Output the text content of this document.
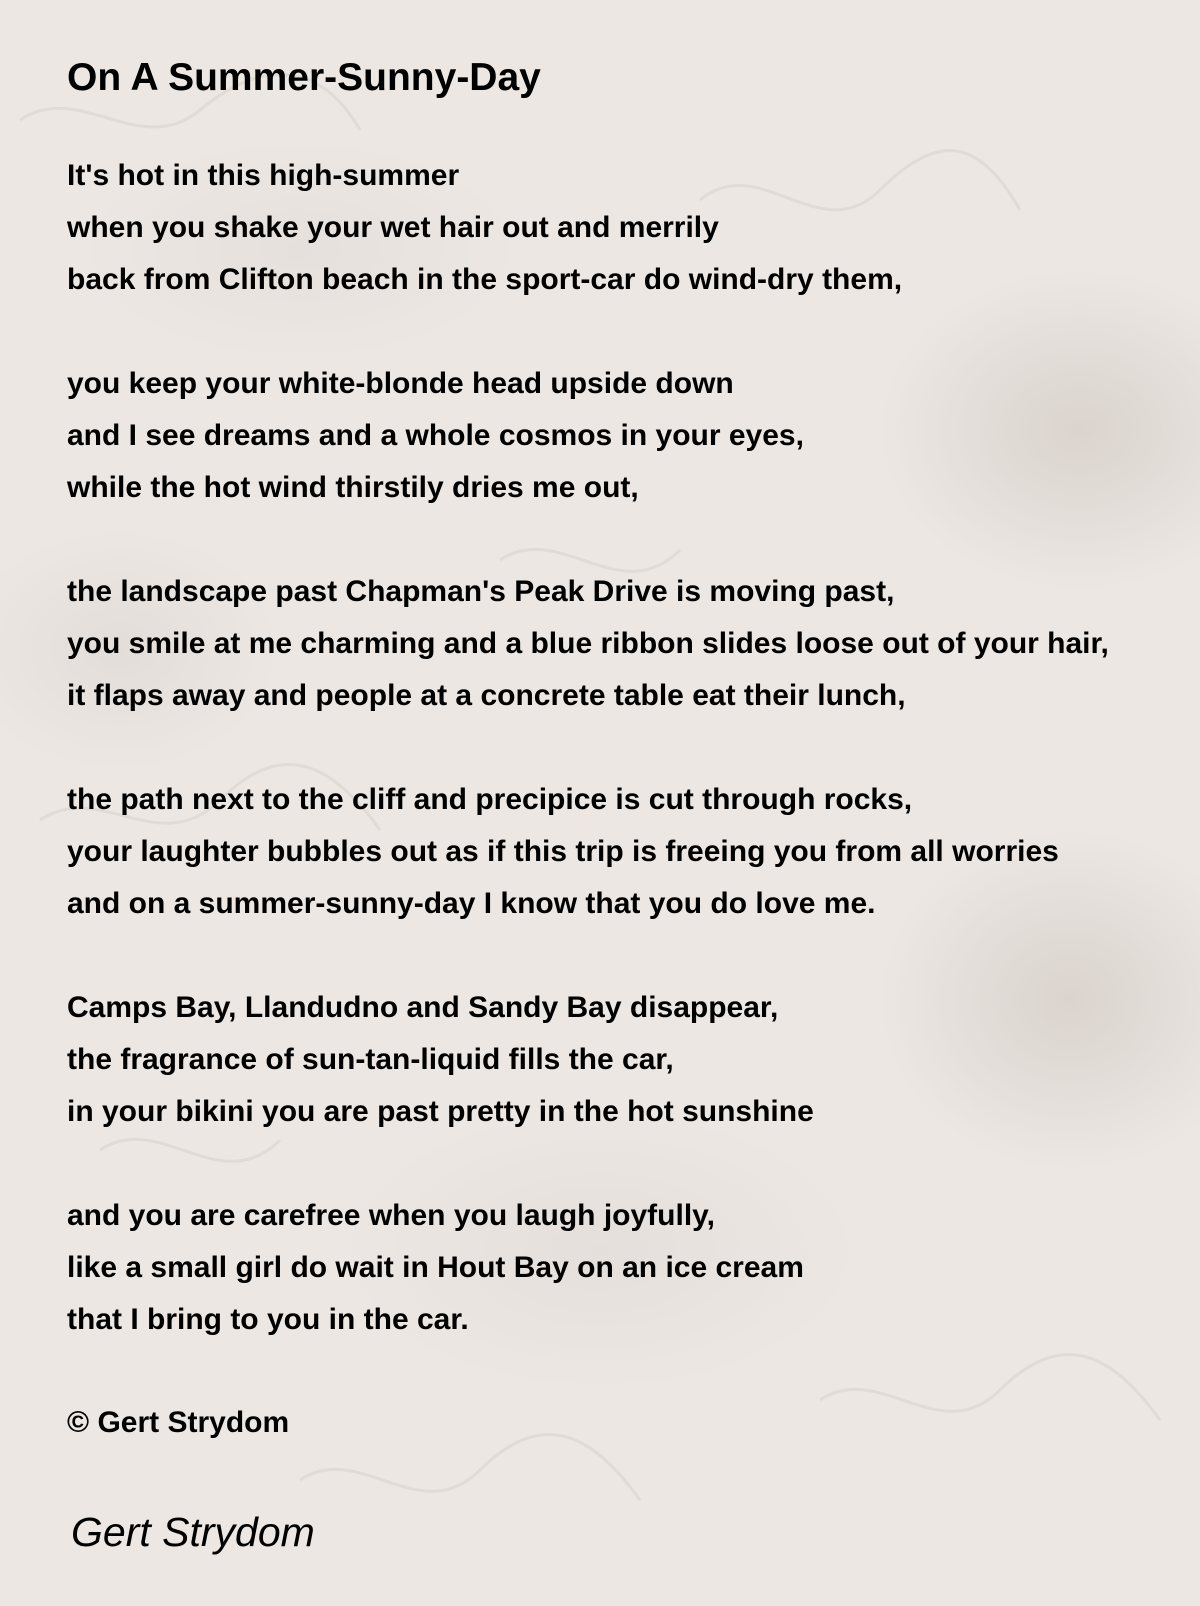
On A Summer-Sunny-Day
It's hot in this high-summer
when you shake your wet hair out and merrily
back from Clifton beach in the sport-car do wind-dry them,
you keep your white-blonde head upside down
and I see dreams and a whole cosmos in your eyes,
while the hot wind thirstily dries me out,
the landscape past Chapman's Peak Drive is moving past,
you smile at me charming and a blue ribbon slides loose out of your hair,
it flaps away and people at a concrete table eat their lunch,
the path next to the cliff and precipice is cut through rocks,
your laughter bubbles out as if this trip is freeing you from all worries
and on a summer-sunny-day I know that you do love me.
Camps Bay, Llandudno and Sandy Bay disappear,
the fragrance of sun-tan-liquid fills the car,
in your bikini you are past pretty in the hot sunshine
and you are carefree when you laugh joyfully,
like a small girl do wait in Hout Bay on an ice cream
that I bring to you in the car.
© Gert Strydom
Gert Strydom
